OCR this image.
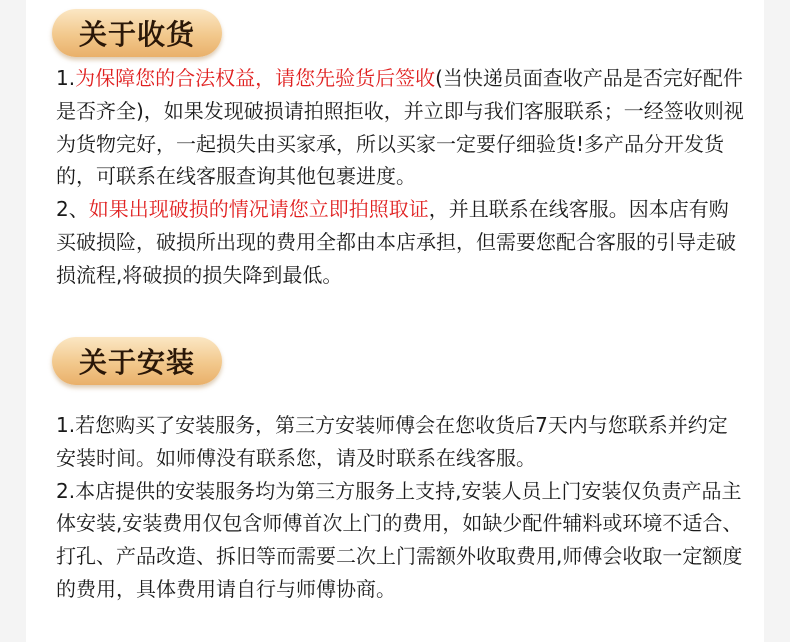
关于收货

1.为保障您的合法权益，请您先验货后签收(当快递员面查收产品是否完好配件是否齐全)，如果发现破损请拍照拒收，并立即与我们客服联系；一经签收则视为货物完好，一起损失由买家承，所以买家一定要仔细验货!多产品分开发货的，可联系在线客服查询其他包裹进度。

2、如果出现破损的情况请您立即拍照取证，并且联系在线客服。因本店有购买破损险，破损所出现的费用全都由本店承担，但需要您配合客服的引导走破损流程,将破损的损失降到最低。

关于安装

1.若您购买了安装服务，第三方安装师傅会在您收货后7天内与您联系并约定安装时间。如师傅没有联系您，请及时联系在线客服。

2.本店提供的安装服务均为第三方服务上支持,安装人员上门安装仅负责产品主体安装,安装费用仅包含师傅首次上门的费用，如缺少配件辅料或环境不适合、打孔、产品改造、拆旧等而需要二次上门需额外收取费用,师傅会收取一定额度的费用，具体费用请自行与师傅协商。
